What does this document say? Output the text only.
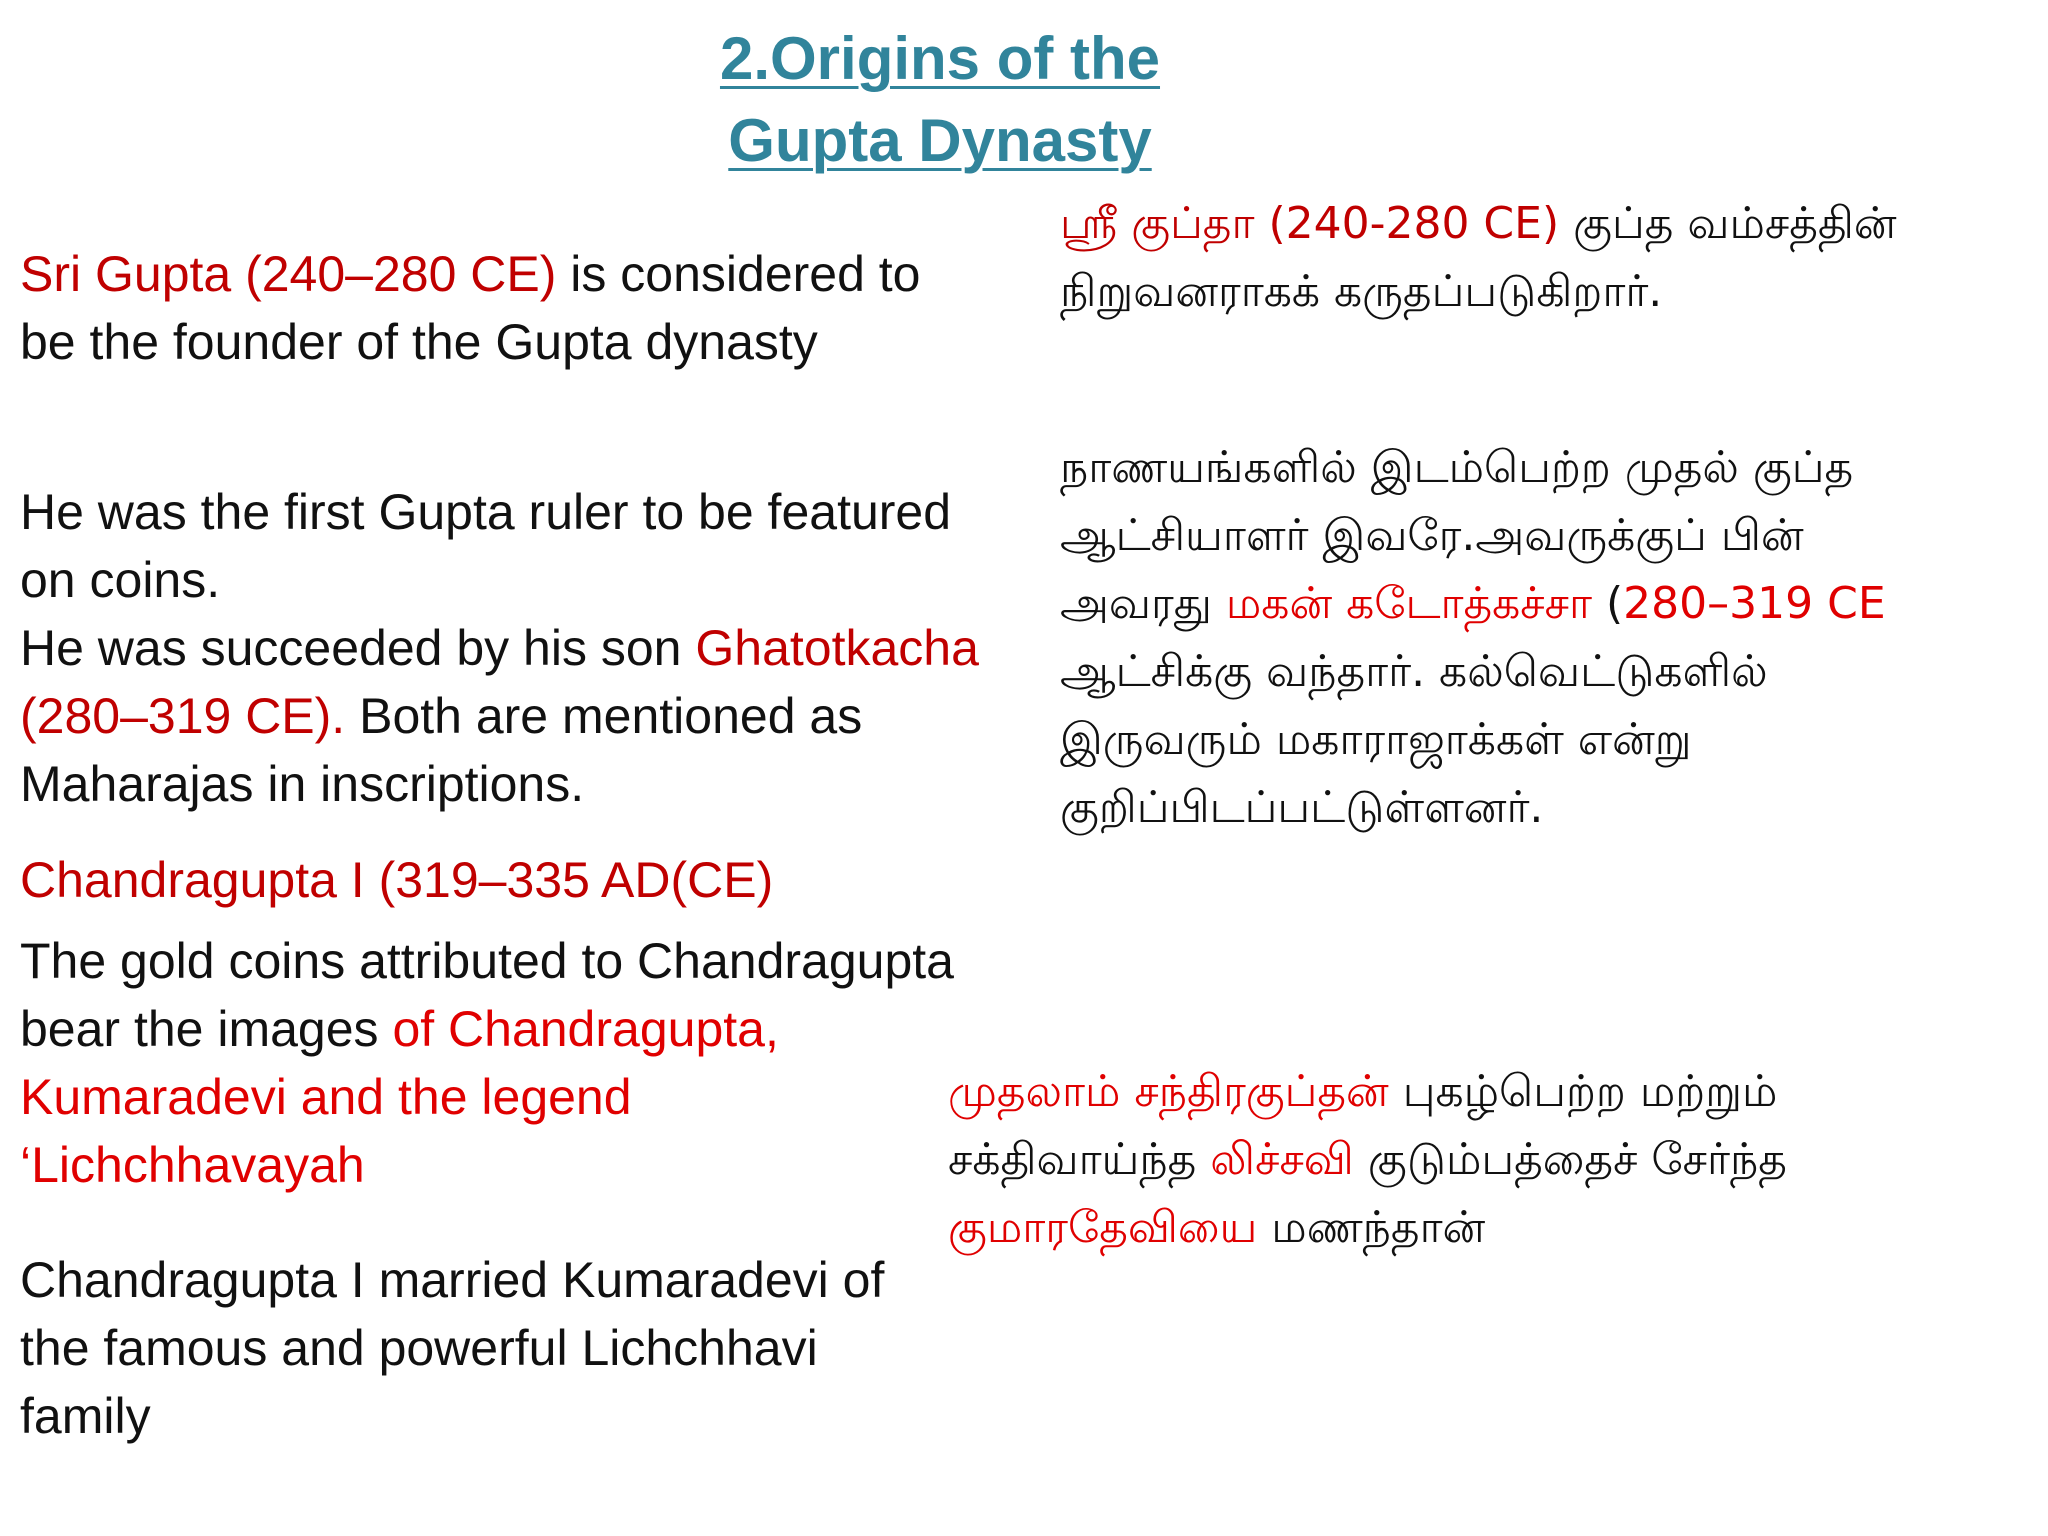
2.Origins of the
Gupta Dynasty
Sri Gupta (240–280 CE) is considered to
be the founder of the Gupta dynasty
He was the first Gupta ruler to be featured
on coins.
He was succeeded by his son Ghatotkacha
(280–319 CE). Both are mentioned as
Maharajas in inscriptions.
Chandragupta I (319–335 AD(CE)
The gold coins attributed to Chandragupta
bear the images of Chandragupta,
Kumaradevi and the legend
‘Lichchhavayah
Chandragupta I married Kumaradevi of
the famous and powerful Lichchhavi
family
ஸ்ரீ குப்தா (240-280 CE) குப்த வம்சத்தின்
நிறுவனராகக் கருதப்படுகிறார்.
நாணயங்களில் இடம்பெற்ற முதல் குப்த
ஆட்சியாளர் இவரே.அவருக்குப் பின்
அவரது மகன் கடோத்கச்சா (280–319 CE
ஆட்சிக்கு வந்தார். கல்வெட்டுகளில்
இருவரும் மகாராஜாக்கள் என்று
குறிப்பிடப்பட்டுள்ளனர்.
முதலாம் சந்திரகுப்தன் புகழ்பெற்ற மற்றும்
சக்திவாய்ந்த லிச்சவி குடும்பத்தைச் சேர்ந்த
குமாரதேவியை மணந்தான்
